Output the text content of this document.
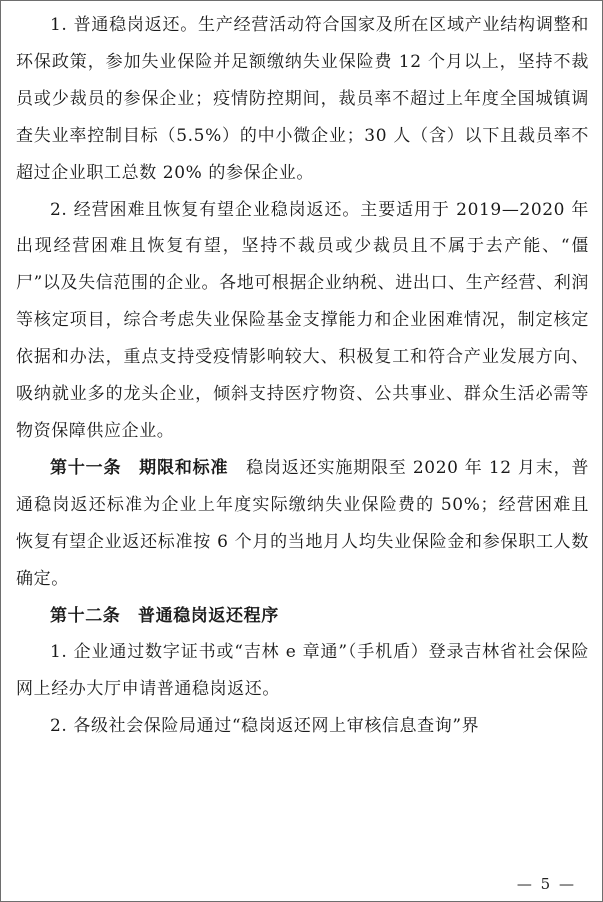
1. 普通稳岗返还。生产经营活动符合国家及所在区域产业结构调整和环保政策，参加失业保险并足额缴纳失业保险费 12 个月以上，坚持不裁员或少裁员的参保企业；疫情防控期间，裁员率不超过上年度全国城镇调查失业率控制目标（5.5%）的中小微企业；30 人（含）以下且裁员率不超过企业职工总数 20% 的参保企业。

2. 经营困难且恢复有望企业稳岗返还。主要适用于 2019—2020 年出现经营困难且恢复有望，坚持不裁员或少裁员且不属于去产能、“僵尸”以及失信范围的企业。各地可根据企业纳税、进出口、生产经营、利润等核定项目，综合考虑失业保险基金支撑能力和企业困难情况，制定核定依据和办法，重点支持受疫情影响较大、积极复工和符合产业发展方向、吸纳就业多的龙头企业，倾斜支持医疗物资、公共事业、群众生活必需等物资保障供应企业。

第十一条　期限和标准　稳岗返还实施期限至 2020 年 12 月末，普通稳岗返还标准为企业上年度实际缴纳失业保险费的 50%；经营困难且恢复有望企业返还标准按 6 个月的当地月人均失业保险金和参保职工人数确定。

第十二条　普通稳岗返还程序

1. 企业通过数字证书或“吉林 e 章通”（手机盾）登录吉林省社会保险网上经办大厅申请普通稳岗返还。

2. 各级社会保险局通过“稳岗返还网上审核信息查询”界

— 5 —
